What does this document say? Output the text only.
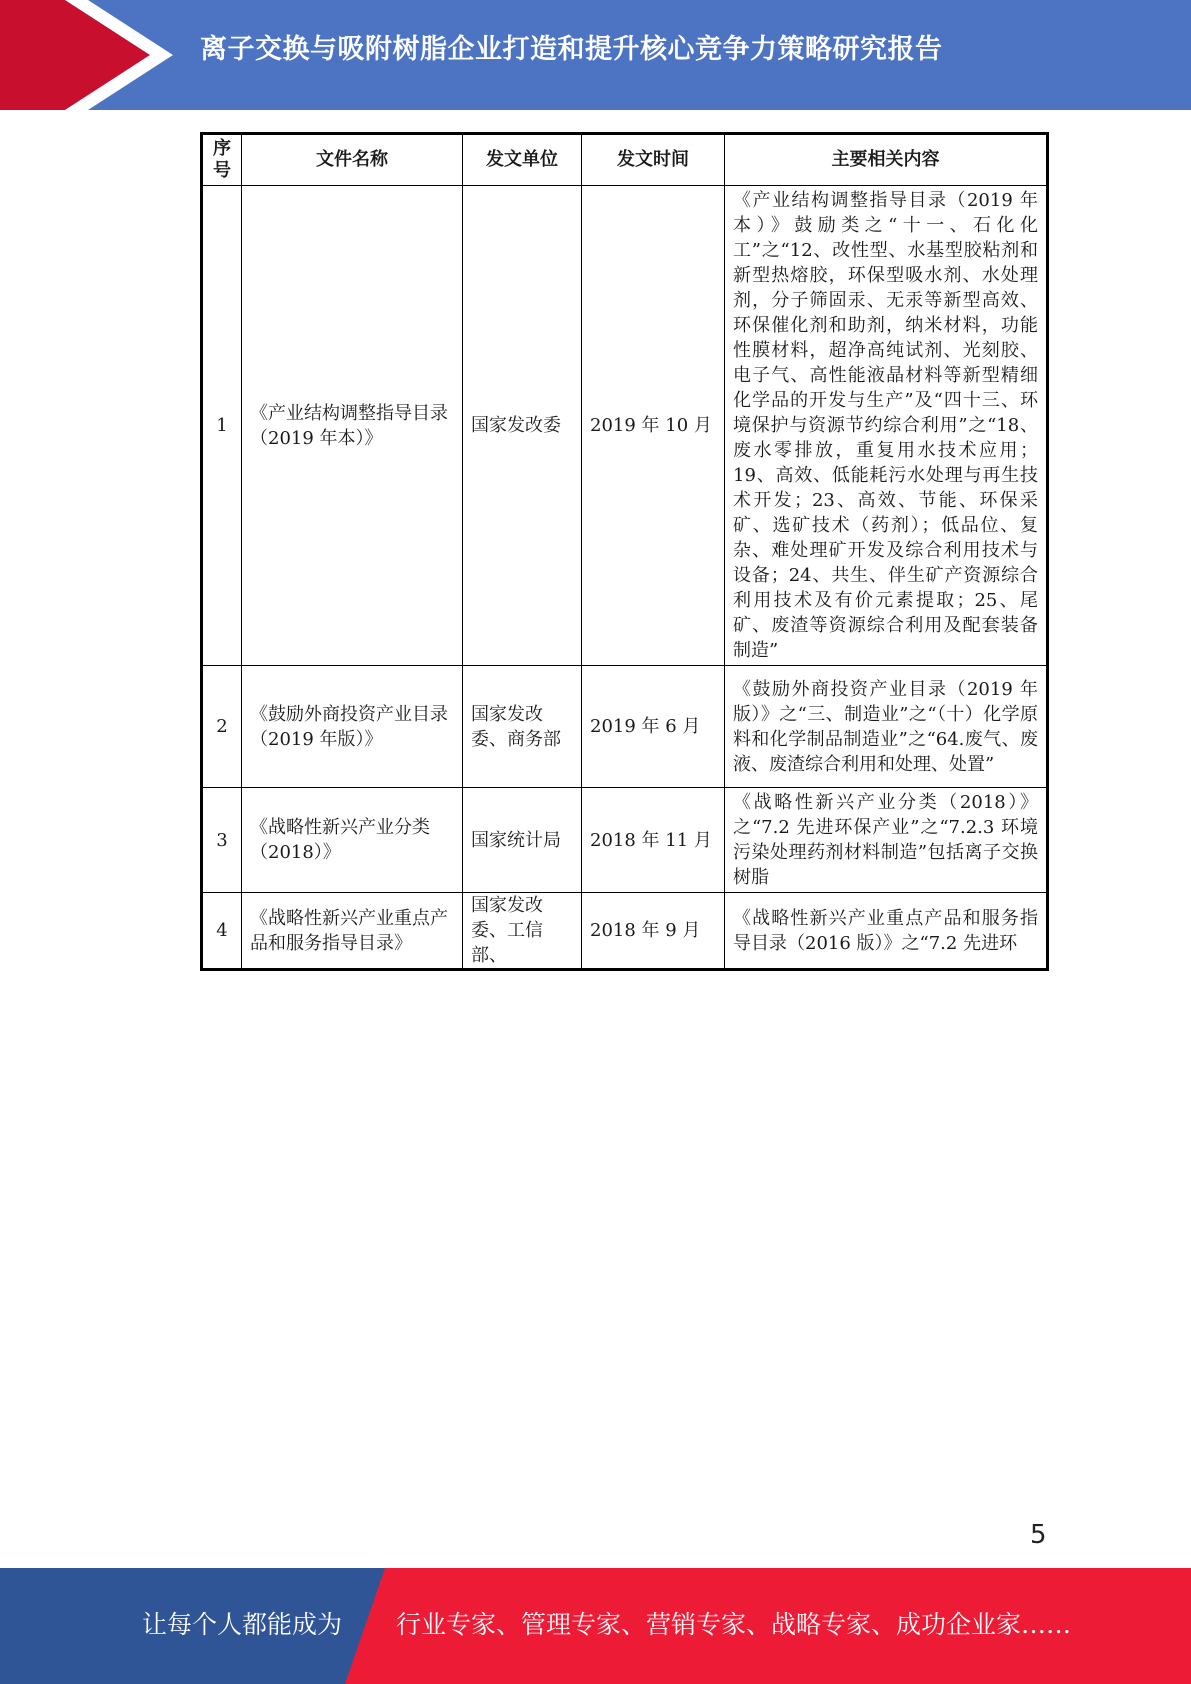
离子交换与吸附树脂企业打造和提升核心竞争力策略研究报告
序号	文件名称	发文单位	发文时间	主要相关内容
1	《产业结构调整指导目录（2019 年本）》	国家发改委	2019 年 10 月	《产业结构调整指导目录（2019 年本）》鼓励类之“十一、石化化工”之“12、改性型、水基型胶粘剂和新型热熔胶，环保型吸水剂、水处理剂，分子筛固汞、无汞等新型高效、环保催化剂和助剂，纳米材料，功能性膜材料，超净高纯试剂、光刻胶、电子气、高性能液晶材料等新型精细化学品的开发与生产”及“四十三、环境保护与资源节约综合利用”之“18、废水零排放，重复用水技术应用；19、高效、低能耗污水处理与再生技术开发；23、高效、节能、环保采矿、选矿技术（药剂）；低品位、复杂、难处理矿开发及综合利用技术与设备；24、共生、伴生矿产资源综合利用技术及有价元素提取；25、尾矿、废渣等资源综合利用及配套装备制造”
2	《鼓励外商投资产业目录（2019 年版）》	国家发改委、商务部	2019 年 6 月	《鼓励外商投资产业目录（2019 年版）》之“三、制造业”之“（十）化学原料和化学制品制造业”之“64.废气、废液、废渣综合利用和处理、处置”
3	《战略性新兴产业分类（2018）》	国家统计局	2018 年 11 月	《战略性新兴产业分类（2018）》之“7.2 先进环保产业”之“7.2.3 环境污染处理药剂材料制造”包括离子交换树脂
4	《战略性新兴产业重点产品和服务指导目录》	国家发改委、工信部、	2018 年 9 月	《战略性新兴产业重点产品和服务指导目录（2016 版）》之“7.2 先进环
5
让每个人都能成为 行业专家、管理专家、营销专家、战略专家、成功企业家……
